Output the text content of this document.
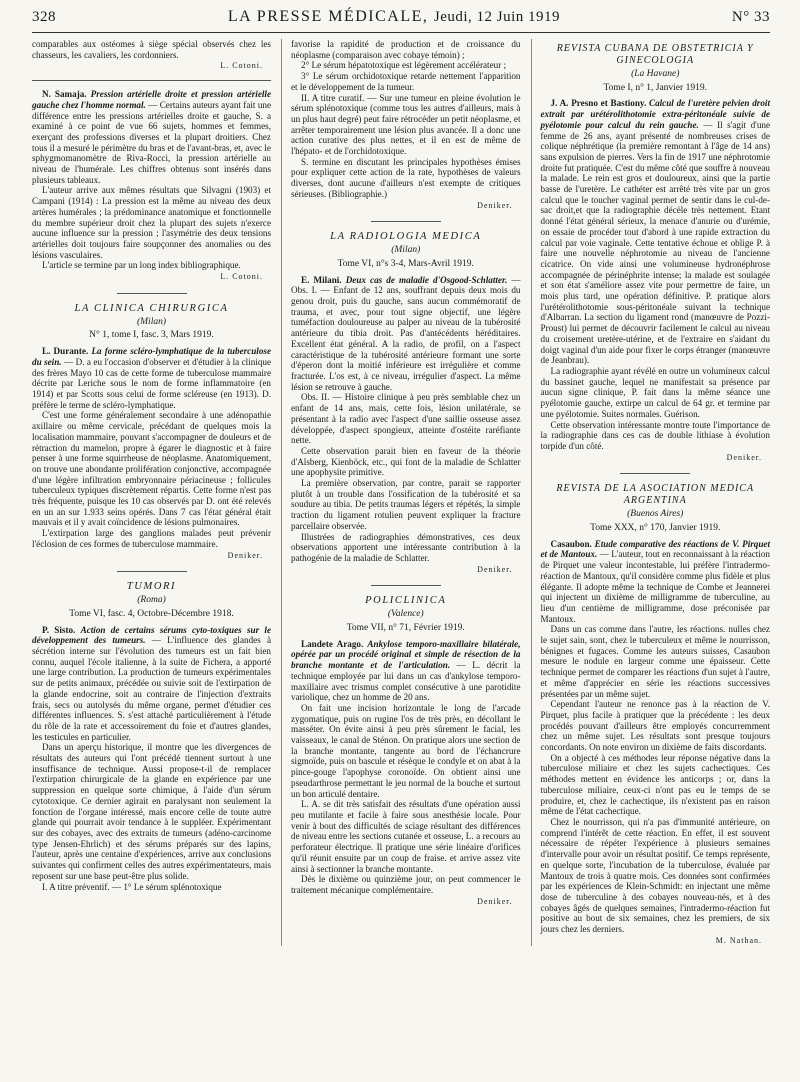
328	LA PRESSE MÉDICALE, Jeudi, 12 Juin 1919	N° 33

comparables aux ostéomes à siège spécial observés chez les chasseurs, les cavaliers, les cordonniers.

L. Cotoni.

N. Samaja. Pression artérielle droite et pression artérielle gauche chez l'homme normal. — Certains auteurs ayant fait une différence entre les pressions artérielles droite et gauche, S. a examiné à ce point de vue 66 sujets, hommes et femmes, exerçant des professions diverses et la plupart droitiers. Chez tous il a mesuré le périmètre du bras et de l'avant-bras, et, avec le sphygmomanomètre de Riva-Rocci, la pression artérielle au niveau de l'humérale. Les chiffres obtenus sont insérés dans plusieurs tableaux.

L'auteur arrive aux mêmes résultats que Silvagni (1903) et Campani (1914) : La pression est la même au niveau des deux artères humérales ; la prédominance anatomique et fonctionnelle du membre supérieur droit chez la plupart des sujets n'exerce aucune influence sur la pression ; l'asymétrie des deux tensions artérielles doit toujours faire soupçonner des anomalies ou des lésions vasculaires.

L'article se termine par un long index bibliographique.

L. Cotoni.

LA CLINICA CHIRURGICA
(Milan)
N° 1, tome I, fasc. 3, Mars 1919.

L. Durante. La forme scléro-lymphatique de la tuberculose du sein. — D. a eu l'occasion d'observer et d'étudier à la clinique des frères Mayo 10 cas de cette forme de tuberculose mammaire décrite par Leriche sous le nom de forme inflammatoire (en 1914) et par Scotts sous celui de forme scléreuse (en 1913). D. préfère le terme de scléro-lymphatique.

C'est une forme généralement secondaire à une adénopathie axillaire ou même cervicale, précédant de quelques mois la localisation mammaire, pouvant s'accompagner de douleurs et de rétraction du mamelon, propre à égarer le diagnostic et à faire penser à une forme squirrheuse de néoplasme. Anatomiquement, on trouve une abondante prolifération conjonctive, accompagnée d'une légère infiltration embryonnaire périacineuse ; follicules tuberculeux typiques discrètement répartis. Cette forme n'est pas très fréquente, puisque les 10 cas observés par D. ont été relevés en un an sur 1.933 seins opérés. Dans 7 cas l'état général était mauvais et il y avait coïncidence de lésions pulmonaires.

L'extirpation large des ganglions malades peut prévenir l'éclosion de ces formes de tuberculose mammaire.

Deniker.

TUMORI
(Roma)
Tome VI, fasc. 4, Octobre-Décembre 1918.

P. Sisto. Action de certains sérums cyto-toxiques sur le développement des tumeurs. — L'influence des glandes à sécrétion interne sur l'évolution des tumeurs est un fait bien connu, auquel l'école italienne, à la suite de Fichera, a apporté une large contribution. La production de tumeurs expérimentales sur de petits animaux, précédée ou suivie soit de l'extirpation de la glande endocrine, soit au contraire de l'injection d'extraits frais, secs ou autolysés du même organe, permet d'étudier ces différentes influences. S. s'est attaché particulièrement à l'étude du rôle de la rate et accessoirement du foie et d'autres glandes, les testicules en particulier.

Dans un aperçu historique, il montre que les divergences de résultats des auteurs qui l'ont précédé tiennent surtout à une insuffisance de technique. Aussi propose-t-il de remplacer l'extirpation chirurgicale de la glande en expérience par une suppression en quelque sorte chimique, à l'aide d'un sérum cytotoxique. Ce dernier agirait en paralysant non seulement la fonction de l'organe intéressé, mais encore celle de toute autre glande qui pourrait avoir tendance à le suppléer. Expérimentant sur des cobayes, avec des extraits de tumeurs (adéno-carcinome type Jensen-Ehrlich) et des sérums préparés sur des lapins, l'auteur, après une centaine d'expériences, arrive aux conclusions suivantes qui confirment celles des autres expérimentateurs, mais reposent sur une base peut-être plus solide.

I. A titre préventif. — 1° Le sérum splénotoxique

favorise la rapidité de production et de croissance du néoplasme (comparaison avec cobaye témoin) ;

2° Le sérum hépatotoxique est légèrement accélérateur ;

3° Le sérum orchidotoxique retarde nettement l'apparition et le développement de la tumeur.

II. A titre curatif. — Sur une tumeur en pleine évolution le sérum splénotoxique (comme tous les autres d'ailleurs, mais à un plus haut degré) peut faire rétrocéder un petit néoplasme, et arrêter temporairement une lésion plus avancée. Il a donc une action curative des plus nettes, et il en est de même de l'hépato- et de l'orchidotoxique.

S. termine en discutant les principales hypothèses émises pour expliquer cette action de la rate, hypothèses de valeurs diverses, dont aucune d'ailleurs n'est exempte de critiques sérieuses. (Bibliographie.)

Deniker.

LA RADIOLOGIA MEDICA
(Milan)
Tome VI, n°s 3-4, Mars-Avril 1919.

E. Milani. Deux cas de maladie d'Osgood-Schlatter. — Obs. I. — Enfant de 12 ans, souffrant depuis deux mois du genou droit, puis du gauche, sans aucun commémoratif de trauma, et avec, pour tout signe objectif, une légère tuméfaction douloureuse au palper au niveau de la tubérosité antérieure du tibia droit. Pas d'antécédents héréditaires. Excellent état général. A la radio, de profil, on a l'aspect caractéristique de la tubérosité antérieure formant une sorte d'éperon dont la moitié inférieure est irrégulière et comme fracturée. L'os est, à ce niveau, irrégulier d'aspect. La même lésion se retrouve à gauche.

Obs. II. — Histoire clinique à peu près semblable chez un enfant de 14 ans, mais, cette fois, lésion unilatérale, se présentant à la radio avec l'aspect d'une saillie osseuse assez développée, d'aspect spongieux, atteinte d'ostéite raréfiante nette.

Cette observation parait bien en faveur de la théorie d'Alsberg, Kienböck, etc., qui font de la maladie de Schlatter une apophysite primitive.

La première observation, par contre, parait se rapporter plutôt à un trouble dans l'ossification de la tubérosité et sa soudure au tibia. De petits traumas légers et répétés, la simple traction du ligament rotulien peuvent expliquer la fracture parcellaire observée.

Illustrées de radiographies démonstratives, ces deux observations apportent une intéressante contribution à la pathogénie de la maladie de Schlatter.

Deniker.

POLICLINICA
(Valence)
Tome VII, n° 71, Février 1919.

Landete Arago. Ankylose temporo-maxillaire bilatérale, opérée par un procédé original et simple de résection de la branche montante et de l'articulation. — L. décrit la technique employée par lui dans un cas d'ankylose temporo-maxillaire avec trismus complet consécutive à une parotidite variolique, chez un homme de 20 ans.

On fait une incision horizontale le long de l'arcade zygomatique, puis on rugine l'os de très près, en décollant le masséter. On évite ainsi à peu près sûrement le facial, les vaisseaux, le canal de Sténon. On pratique alors une section de la branche montante, tangente au bord de l'échancrure sigmoïde, puis on bascule et résèque le condyle et on abat à la pince-gouge l'apophyse coronoïde. On obtient ainsi une pseudarthrose permettant le jeu normal de la bouche et surtout un bon articulé dentaire.

L. A. se dit très satisfait des résultats d'une opération aussi peu mutilante et facile à faire sous anesthésie locale. Pour venir à bout des difficultés de sciage résultant des différences de niveau entre les sections cutanée et osseuse, L. a recours au perforateur électrique. Il pratique une série linéaire d'orifices qu'il réunit ensuite par un coup de fraise. et arrive assez vite ainsi à sectionner la branche montante.

Dès le dixième ou quinzième jour, on peut commencer le traitement mécanique complémentaire.

Deniker.

REVISTA CUBANA DE OBSTETRICIA Y GINECOLOGIA
(La Havane)
Tome I, n° 1, Janvier 1919.

J. A. Presno et Bastiony. Calcul de l'uretère pelvien droit extrait par urétérolithotomie extra-péritonéale suivie de pyélotomie pour calcul du rein gauche. — Il s'agit d'une femme de 26 ans, ayant présenté de nombreuses crises de colique néphrétique (la première remontant à l'âge de 14 ans) sans expulsion de pierres. Vers la fin de 1917 une néphrotomie droite fut pratiquée. C'est du même côté que souffre à nouveau la malade. Le rein est gros et douloureux, ainsi que la partie basse de l'uretère. Le cathéter est arrêté très vite par un gros calcul que le toucher vaginal permet de sentir dans le cul-de-sac droit,et que la radiographie décèle très nettement. Etant donné l'état général sérieux, la menace d'anurie ou d'urémie, on essaie de procéder tout d'abord à une rapide extraction du calcul par voie vaginale. Cette tentative échoue et oblige P. à faire une nouvelle néphrotomie au niveau de l'ancienne cicatrice. On vide ainsi une volumineuse hydronéphrose accompagnée de périnéphrite intense; la malade est soulagée et son état s'améliore assez vite pour permettre de faire, un mois plus tard, une opération définitive. P. pratique alors l'urétérolithotomie sous-péritonéale suivant la technique d'Albarran. La section du ligament rond (manœuvre de Pozzi-Proust) lui permet de découvrir facilement le calcul au niveau du croisement uretère-utérine, et de l'extraire en s'aidant du doigt vaginal d'un aide pour fixer le corps étranger (manœuvre de Jeanbrau).

La radiographie ayant révélé en outre un volumineux calcul du bassinet gauche, lequel ne manifestait sa présence par aucun signe clinique, P. fait dans la même séance une pyélotomie gauche, extirpe un calcul de 64 gr. et termine par une pyélotomie. Suites normales. Guérison.

Cette observation intéressante montre toute l'importance de la radiographie dans ces cas de double lithiase à évolution torpide d'un côté.

Deniker.

REVISTA DE LA ASOCIATION MEDICA ARGENTINA
(Buenos Aires)
Tome XXX, n° 170, Janvier 1919.

Casaubon. Etude comparative des réactions de V. Pirquet et de Mantoux. — L'auteur, tout en reconnaissant à la réaction de Pirquet une valeur incontestable, lui préfère l'intradermo-réaction de Mantoux, qu'il considère comme plus fidèle et plus élégante. Il adopte même la technique de Combe et Jeannerei qui injectent un dixième de milligramme de tuberculine, au lieu d'un centième de milligramme, dose préconisée par Mantoux.

Dans un cas comme dans l'autre, les réactions. nulles chez le sujet sain, sont, chez le tuberculeux et même le nourrisson, bénignes et fugaces. Comme les auteurs suisses, Casaubon mesure le nodule en largeur comme une épaisseur. Cette technique permet de comparer les réactions d'un sujet à l'autre, et même d'apprécier en série les réactions successives présentées par un même sujet.

Cependant l'auteur ne renonce pas à la réaction de V. Pirquet, plus facile à pratiquer que la précédente : les deux procédés pouvant d'ailleurs être employés concurremment chez un même sujet. Les résultats sont presque toujours concordants. On note environ un dixième de faits discordants.

On a objecté à ces méthodes leur réponse négative dans la tuberculose miliaire et chez les sujets cachectiques. Ces méthodes mettent en évidence les anticorps ; or, dans la tuberculose miliaire, ceux-ci n'ont pas eu le temps de se produire, et, chez le cachectique, ils n'existent pas en raison même de l'état cachectique.

Chez le nourrisson, qui n'a pas d'immunité antérieure, on comprend l'intérêt de cette réaction. En effet, il est souvent nécessaire de répéter l'expérience à plusieurs semaines d'intervalle pour avoir un résultat positif. Ce temps représente, en quelque sorte, l'incubation de la tuberculose, évaluée par Mantoux de trois à quatre mois. Ces données sont confirmées par les expériences de Klein-Schmidt: en injectant une même dose de tuberculine à des cobayes nouveau-nés, et à des cobayes âgés de quelques semaines, l'intradermo-réaction fut positive au bout de six semaines, chez les premiers, de six jours chez les derniers.

M. Nathan.
